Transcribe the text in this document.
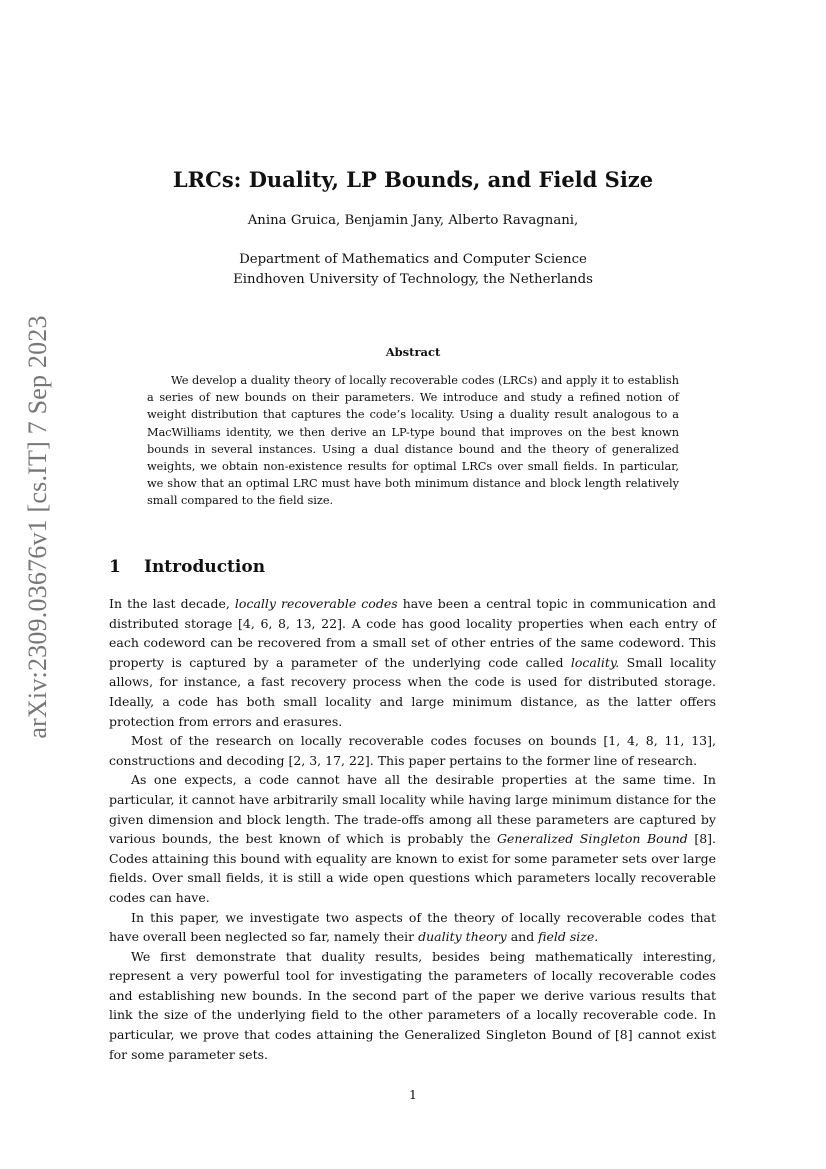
arXiv:2309.03676v1 [cs.IT] 7 Sep 2023
LRCs: Duality, LP Bounds, and Field Size
Anina Gruica, Benjamin Jany, Alberto Ravagnani,
Department of Mathematics and Computer Science
Eindhoven University of Technology, the Netherlands
Abstract

We develop a duality theory of locally recoverable codes (LRCs) and apply it to establish a series of new bounds on their parameters. We introduce and study a refined notion of weight distribution that captures the code’s locality. Using a duality result analogous to a MacWilliams identity, we then derive an LP-type bound that improves on the best known bounds in several instances. Using a dual distance bound and the theory of generalized weights, we obtain non-existence results for optimal LRCs over small fields. In particular, we show that an optimal LRC must have both minimum distance and block length relatively small compared to the field size.

1 Introduction

In the last decade, locally recoverable codes have been a central topic in communication and distributed storage [4, 6, 8, 13, 22]. A code has good locality properties when each entry of each codeword can be recovered from a small set of other entries of the same codeword. This property is captured by a parameter of the underlying code called locality. Small locality allows, for instance, a fast recovery process when the code is used for distributed storage. Ideally, a code has both small locality and large minimum distance, as the latter offers protection from errors and erasures.

Most of the research on locally recoverable codes focuses on bounds [1, 4, 8, 11, 13], constructions and decoding [2, 3, 17, 22]. This paper pertains to the former line of research.

As one expects, a code cannot have all the desirable properties at the same time. In particular, it cannot have arbitrarily small locality while having large minimum distance for the given dimension and block length. The trade-offs among all these parameters are captured by various bounds, the best known of which is probably the Generalized Singleton Bound [8]. Codes attaining this bound with equality are known to exist for some parameter sets over large fields. Over small fields, it is still a wide open questions which parameters locally recoverable codes can have.

In this paper, we investigate two aspects of the theory of locally recoverable codes that have overall been neglected so far, namely their duality theory and field size.

We first demonstrate that duality results, besides being mathematically interesting, represent a very powerful tool for investigating the parameters of locally recoverable codes and establishing new bounds. In the second part of the paper we derive various results that link the size of the underlying field to the other parameters of a locally recoverable code. In particular, we prove that codes attaining the Generalized Singleton Bound of [8] cannot exist for some parameter sets.

1
